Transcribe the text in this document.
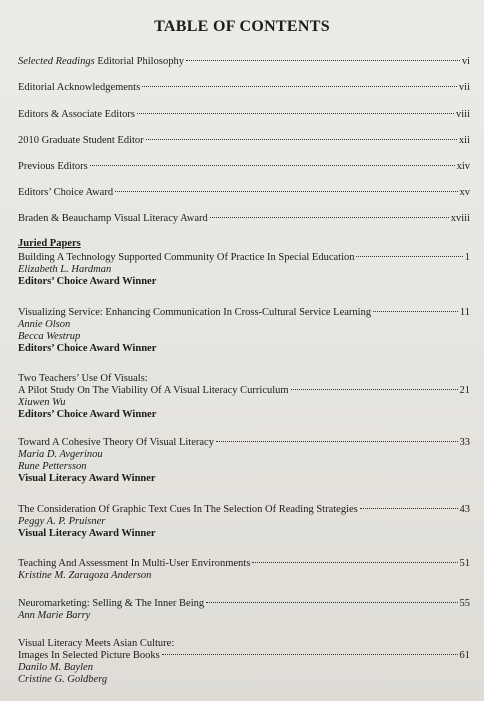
TABLE OF CONTENTS
Selected Readings Editorial Philosophy	vi
Editorial Acknowledgements	vii
Editors & Associate Editors	viii
2010 Graduate Student Editor	xii
Previous Editors	xiv
Editors’ Choice Award	xv
Braden & Beauchamp Visual Literacy Award	xviii
Juried Papers
Building A Technology Supported Community Of Practice In Special Education	1
Elizabeth L. Hardman
Editors’ Choice Award Winner
Visualizing Service: Enhancing Communication In Cross-Cultural Service Learning	11
Annie Olson
Becca Westrup
Editors’ Choice Award Winner
Two Teachers’ Use Of Visuals:
A Pilot Study On The Viability Of A Visual Literacy Curriculum	21
Xiuwen Wu
Editors’ Choice Award Winner
Toward A Cohesive Theory Of Visual Literacy	33
Maria D. Avgerinou
Rune Pettersson
Visual Literacy Award Winner
The Consideration Of Graphic Text Cues In The Selection Of Reading Strategies	43
Peggy A. P. Pruisner
Visual Literacy Award Winner
Teaching And Assessment In Multi-User Environments	51
Kristine M. Zaragoza Anderson
Neuromarketing: Selling & The Inner Being	55
Ann Marie Barry
Visual Literacy Meets Asian Culture:
Images In Selected Picture Books	61
Danilo M. Baylen
Cristine G. Goldberg
